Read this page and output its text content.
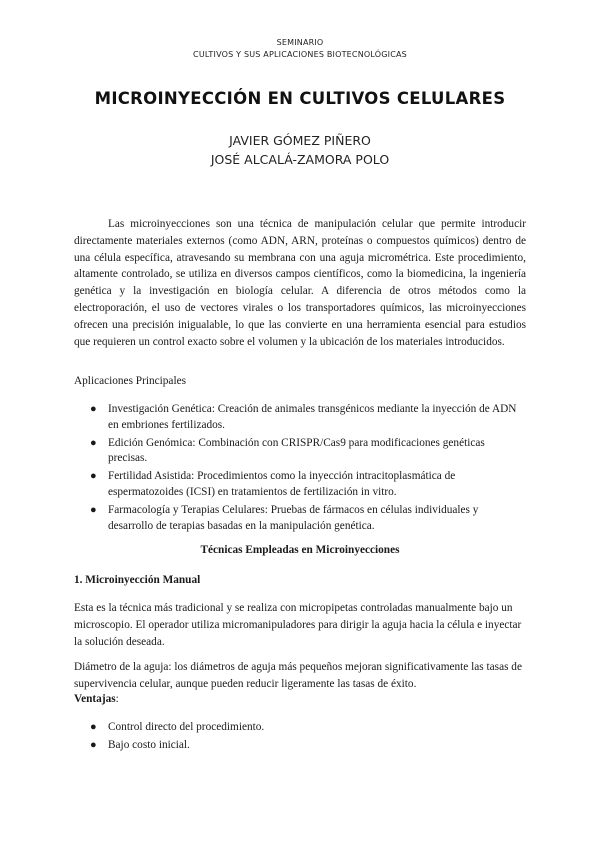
SEMINARIO
CULTIVOS Y SUS APLICACIONES BIOTECNOLÓGICAS
MICROINYECCIÓN EN CULTIVOS CELULARES
JAVIER GÓMEZ PIÑERO
JOSÉ ALCALÁ-ZAMORA POLO

Las microinyecciones son una técnica de manipulación celular que permite introducir directamente materiales externos (como ADN, ARN, proteínas o compuestos químicos) dentro de una célula específica, atravesando su membrana con una aguja micrométrica. Este procedimiento, altamente controlado, se utiliza en diversos campos científicos, como la biomedicina, la ingeniería genética y la investigación en biología celular. A diferencia de otros métodos como la electroporación, el uso de vectores virales o los transportadores químicos, las microinyecciones ofrecen una precisión inigualable, lo que las convierte en una herramienta esencial para estudios que requieren un control exacto sobre el volumen y la ubicación de los materiales introducidos.

Aplicaciones Principales

● Investigación Genética: Creación de animales transgénicos mediante la inyección de ADN en embriones fertilizados.
● Edición Genómica: Combinación con CRISPR/Cas9 para modificaciones genéticas precisas.
● Fertilidad Asistida: Procedimientos como la inyección intracitoplasmática de espermatozoides (ICSI) en tratamientos de fertilización in vitro.
● Farmacología y Terapias Celulares: Pruebas de fármacos en células individuales y desarrollo de terapias basadas en la manipulación genética.

Técnicas Empleadas en Microinyecciones

1. Microinyección Manual

Esta es la técnica más tradicional y se realiza con micropipetas controladas manualmente bajo un microscopio. El operador utiliza micromanipuladores para dirigir la aguja hacia la célula e inyectar la solución deseada.

Diámetro de la aguja: los diámetros de aguja más pequeños mejoran significativamente las tasas de supervivencia celular, aunque pueden reducir ligeramente las tasas de éxito.

Ventajas:

● Control directo del procedimiento.
● Bajo costo inicial.
